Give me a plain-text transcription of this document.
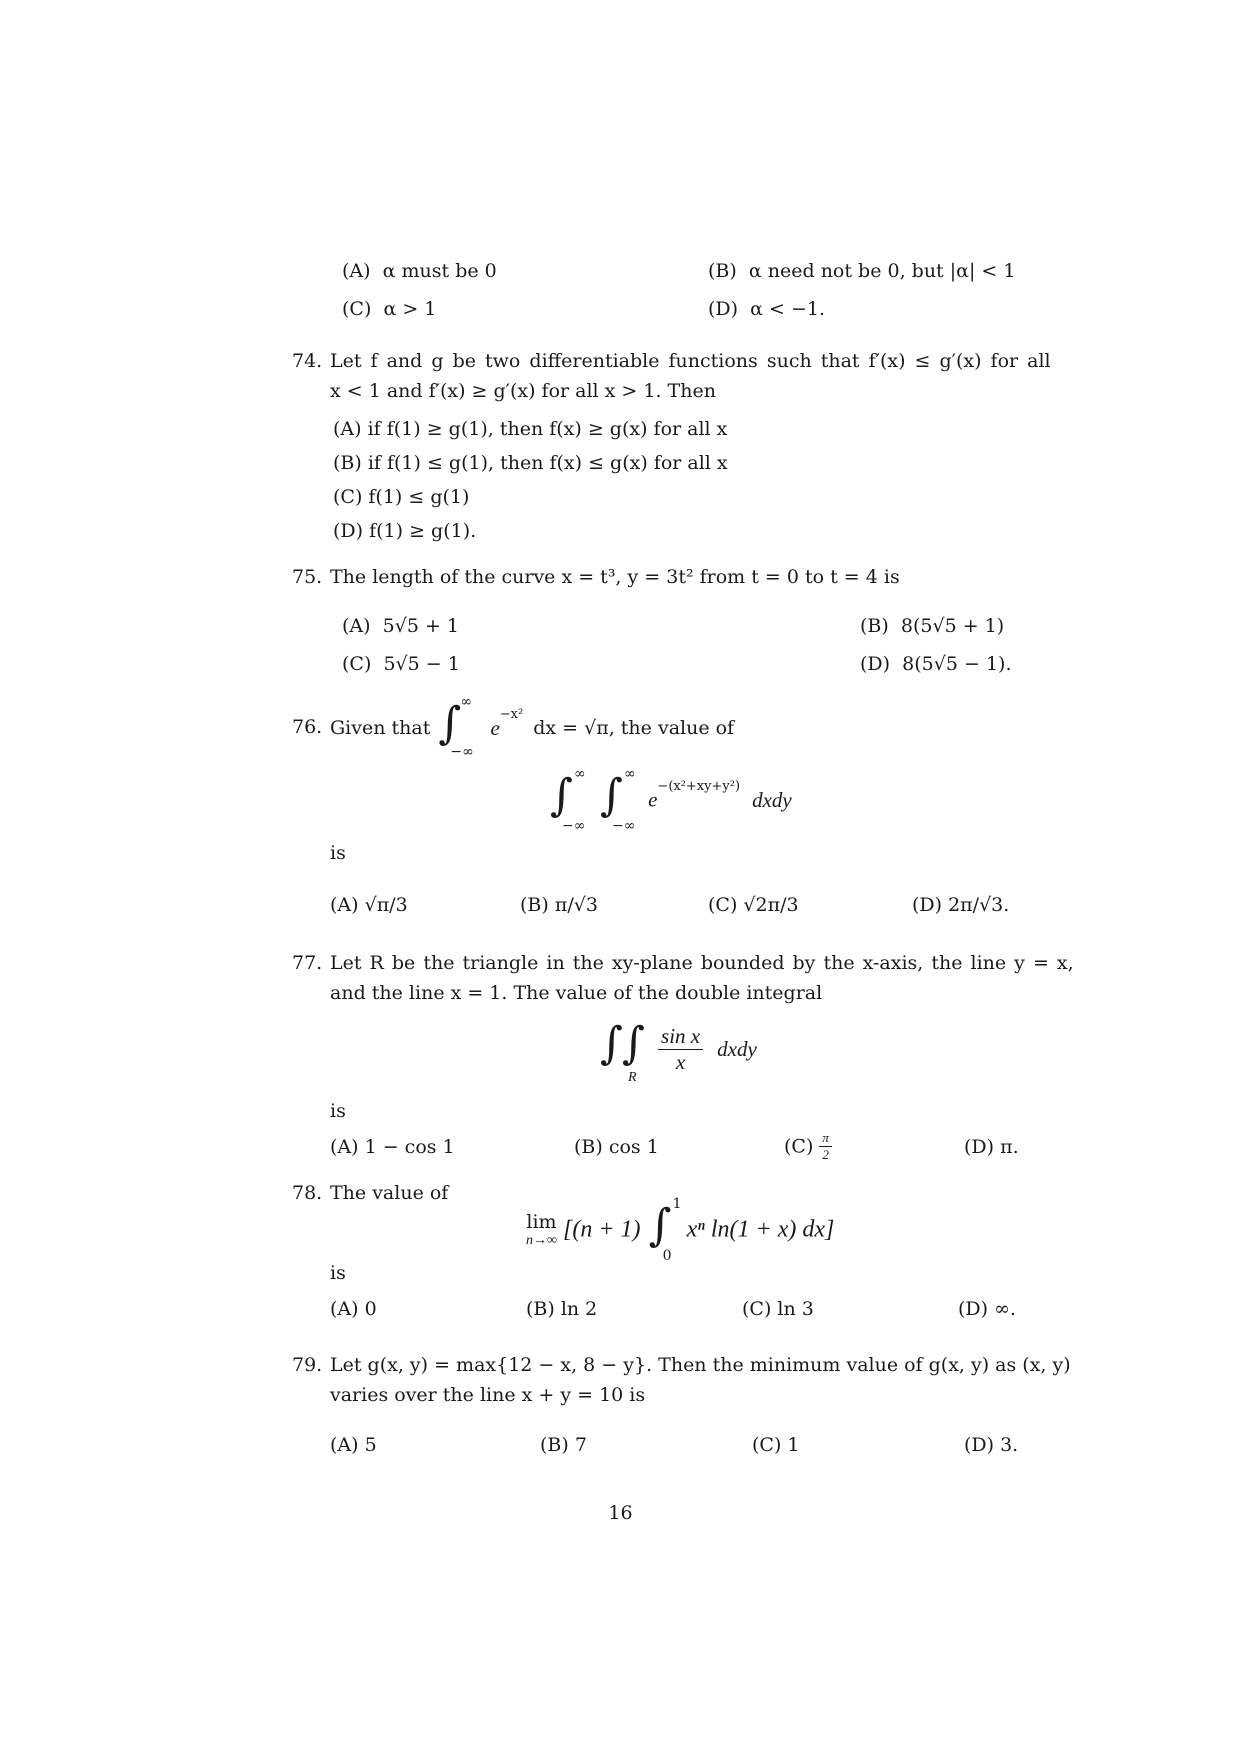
(A) α must be 0	(B) α need not be 0, but |α| < 1
(C) α > 1	(D) α < −1.
74. Let f and g be two differentiable functions such that f′(x) ≤ g′(x) for all
x < 1 and f′(x) ≥ g′(x) for all x > 1. Then
(A) if f(1) ≥ g(1), then f(x) ≥ g(x) for all x
(B) if f(1) ≤ g(1), then f(x) ≤ g(x) for all x
(C) f(1) ≤ g(1)
(D) f(1) ≥ g(1).
75. The length of the curve x = t³, y = 3t² from t = 0 to t = 4 is
(A) 5√5 + 1	(B) 8(5√5 + 1)
(C) 5√5 − 1	(D) 8(5√5 − 1).
76. Given that ∫ ∞
−∞
$e^{-x^2}$ dx = √π, the value of
∫ ∞
−∞

∫ ∞
−∞
$e^{-(x^2+xy+y^2)}$ dxdy
is
(A) √π/3	(B) π/√3	(C) √2π/3	(D) 2π/√3.
77. Let R be the triangle in the xy-plane bounded by the x-axis, the line y = x,
and the line x = 1. The value of the double integral
∫ ∫
R

$\frac{\text{sin x}}{x}$ dxdy
is
(A) 1 − cos 1	(B) cos 1	$(C) \frac{\pi}{2}$	(D) π.
78. The value of
lim
n→∞ [(n + 1) ∫ 1
0
xⁿ ln(1 + x) dx]
is
(A) 0	(B) ln 2	(C) ln 3	(D) ∞.
79. Let g(x, y) = max{12 − x, 8 − y}. Then the minimum value of g(x, y) as (x, y)
varies over the line x + y = 10 is
(A) 5	(B) 7	(C) 1	(D) 3.
16
